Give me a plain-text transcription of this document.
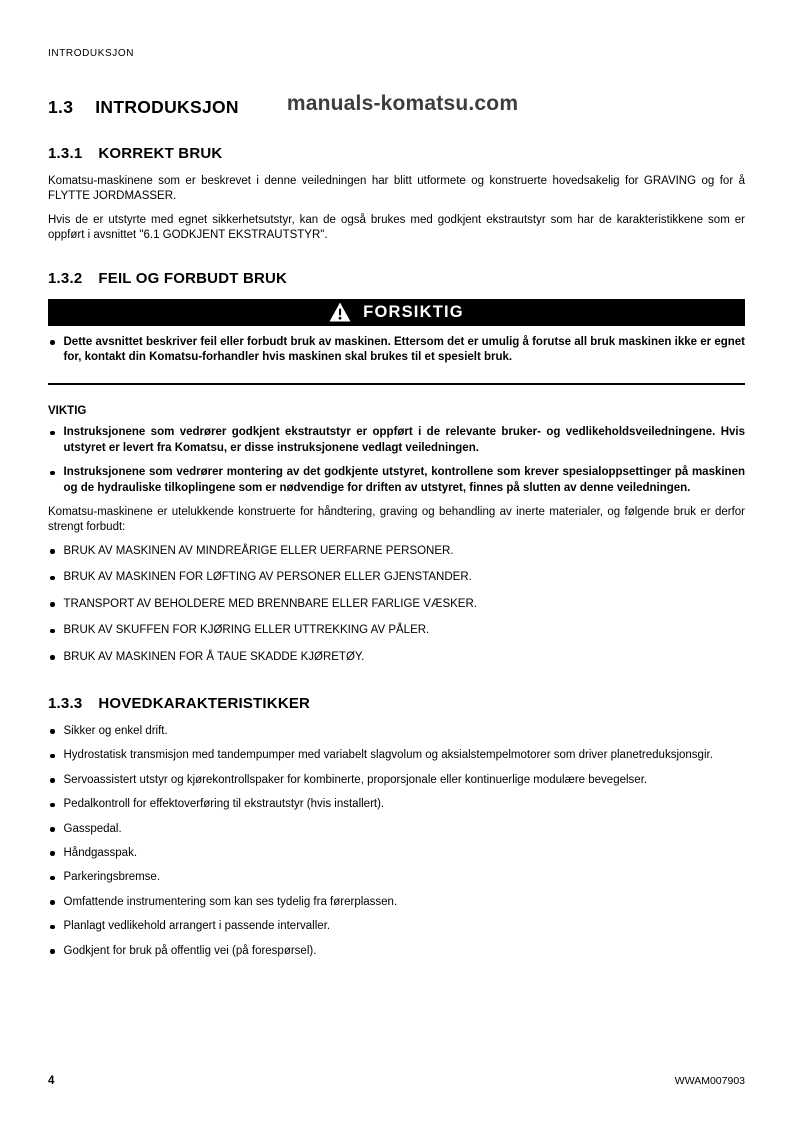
INTRODUKSJON
1.3 INTRODUKSJON manuals-komatsu.com
1.3.1 KORREKT BRUK

Komatsu-maskinene som er beskrevet i denne veiledningen har blitt utformete og konstruerte hovedsakelig for GRAVING og for å FLYTTE JORDMASSER.

Hvis de er utstyrte med egnet sikkerhetsutstyr, kan de også brukes med godkjent ekstrautstyr som har de karakteristikkene som er oppført i avsnittet "6.1 GODKJENT EKSTRAUTSTYR".

1.3.2 FEIL OG FORBUDT BRUK
FORSIKTIG
Dette avsnittet beskriver feil eller forbudt bruk av maskinen. Ettersom det er umulig å forutse all bruk maskinen ikke er egnet for, kontakt din Komatsu-forhandler hvis maskinen skal brukes til et spesielt bruk.
VIKTIG
Instruksjonene som vedrører godkjent ekstrautstyr er oppført i de relevante bruker- og vedlikeholdsveiledningene. Hvis utstyret er levert fra Komatsu, er disse instruksjonene vedlagt veiledningen.
Instruksjonene som vedrører montering av det godkjente utstyret, kontrollene som krever spesialoppsettinger på maskinen og de hydrauliske tilkoplingene som er nødvendige for driften av utstyret, finnes på slutten av denne veiledningen.

Komatsu-maskinene er utelukkende konstruerte for håndtering, graving og behandling av inerte materialer, og følgende bruk er derfor strengt forbudt:

BRUK AV MASKINEN AV MINDREÅRIGE ELLER UERFARNE PERSONER.
BRUK AV MASKINEN FOR LØFTING AV PERSONER ELLER GJENSTANDER.
TRANSPORT AV BEHOLDERE MED BRENNBARE ELLER FARLIGE VÆSKER.
BRUK AV SKUFFEN FOR KJØRING ELLER UTTREKKING AV PÅLER.
BRUK AV MASKINEN FOR Å TAUE SKADDE KJØRETØY.
1.3.3 HOVEDKARAKTERISTIKKER
Sikker og enkel drift.
Hydrostatisk transmisjon med tandempumper med variabelt slagvolum og aksialstempelmotorer som driver planetreduksjonsgir.
Servoassistert utstyr og kjørekontrollspaker for kombinerte, proporsjonale eller kontinuerlige modulære bevegelser.
Pedalkontroll for effektoverføring til ekstrautstyr (hvis installert).
Gasspedal.
Håndgasspak.
Parkeringsbremse.
Omfattende instrumentering som kan ses tydelig fra førerplassen.
Planlagt vedlikehold arrangert i passende intervaller.
Godkjent for bruk på offentlig vei (på forespørsel).
4	WWAM007903
